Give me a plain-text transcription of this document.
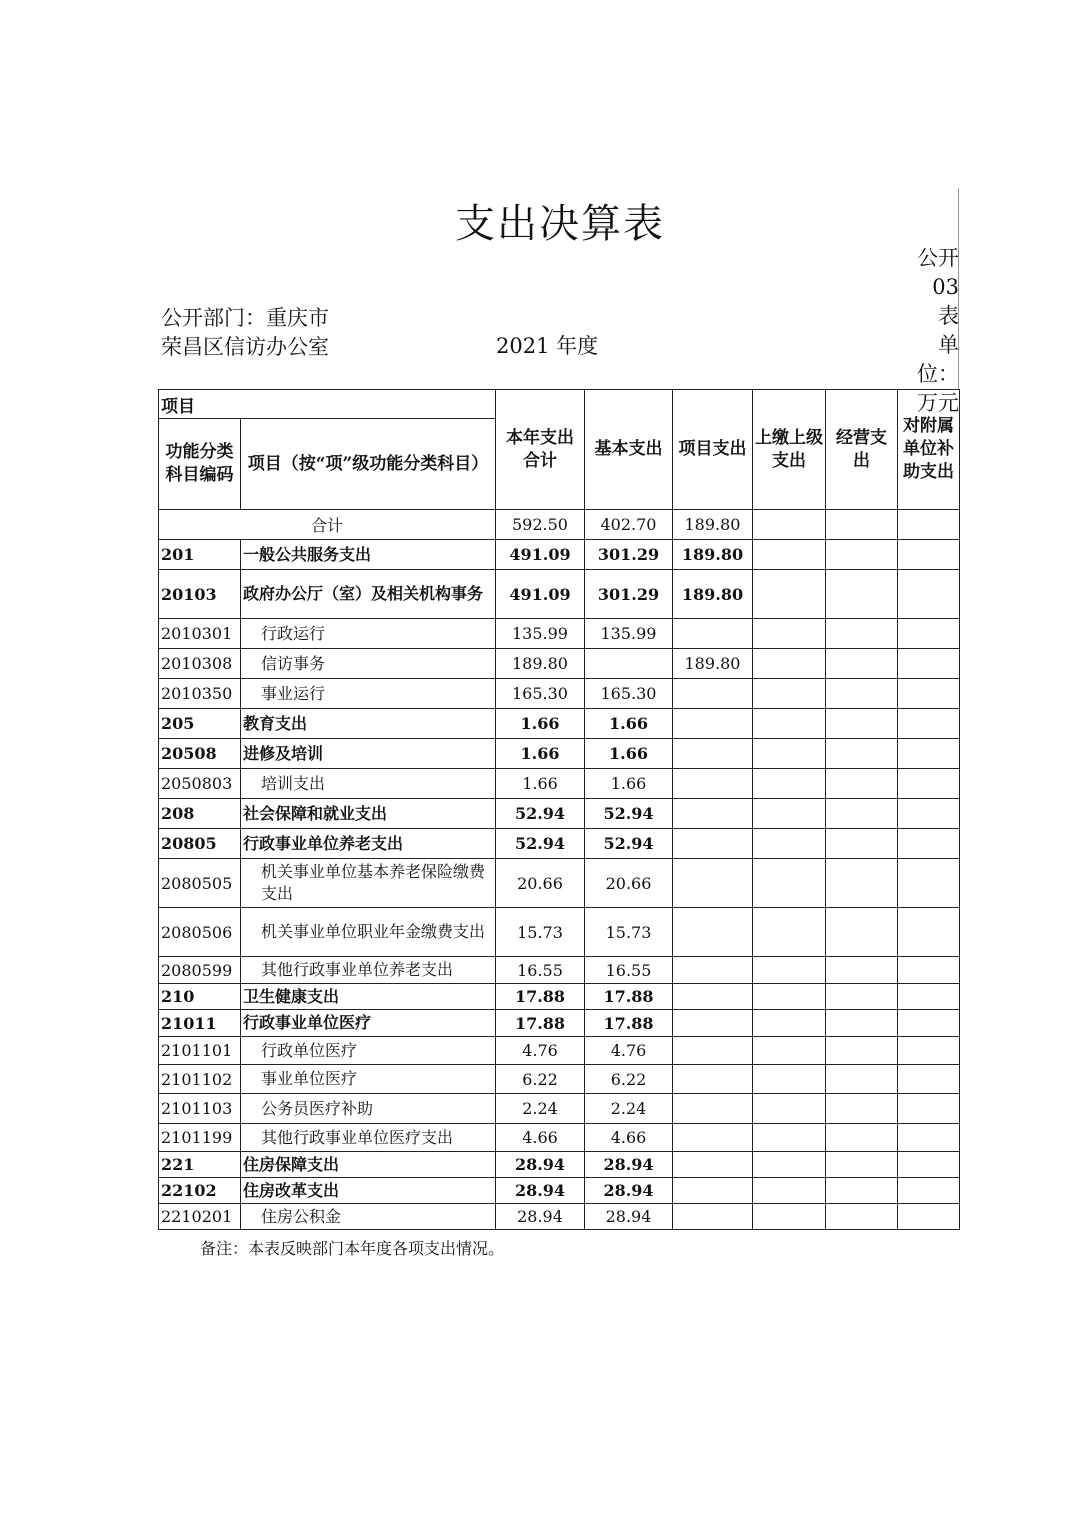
支出决算表
公开
03 表
单
位：
万元
公开部门：重庆市荣昌区信访办公室	2021 年度
项目		本年支出合计	基本支出	项目支出	上缴上级支出	经营支出	对附属单位补助支出
功能分类科目编码	项目（按“项”级功能分类科目）						
合计		592.50	402.70	189.80			
201	一般公共服务支出	491.09	301.29	189.80			
20103	政府办公厅（室）及相关机构事务	491.09	301.29	189.80			
2010301	行政运行	135.99	135.99				
2010308	信访事务	189.80		189.80			
2010350	事业运行	165.30	165.30				
205	教育支出	1.66	1.66				
20508	进修及培训	1.66	1.66				
2050803	培训支出	1.66	1.66				
208	社会保障和就业支出	52.94	52.94				
20805	行政事业单位养老支出	52.94	52.94				
2080505	机关事业单位基本养老保险缴费支出	20.66	20.66				
2080506	机关事业单位职业年金缴费支出	15.73	15.73				
2080599	其他行政事业单位养老支出	16.55	16.55				
210	卫生健康支出	17.88	17.88				
21011	行政事业单位医疗	17.88	17.88				
2101101	行政单位医疗	4.76	4.76				
2101102	事业单位医疗	6.22	6.22				
2101103	公务员医疗补助	2.24	2.24				
2101199	其他行政事业单位医疗支出	4.66	4.66				
221	住房保障支出	28.94	28.94				
22102	住房改革支出	28.94	28.94				
2210201	住房公积金	28.94	28.94				
备注：本表反映部门本年度各项支出情况。
